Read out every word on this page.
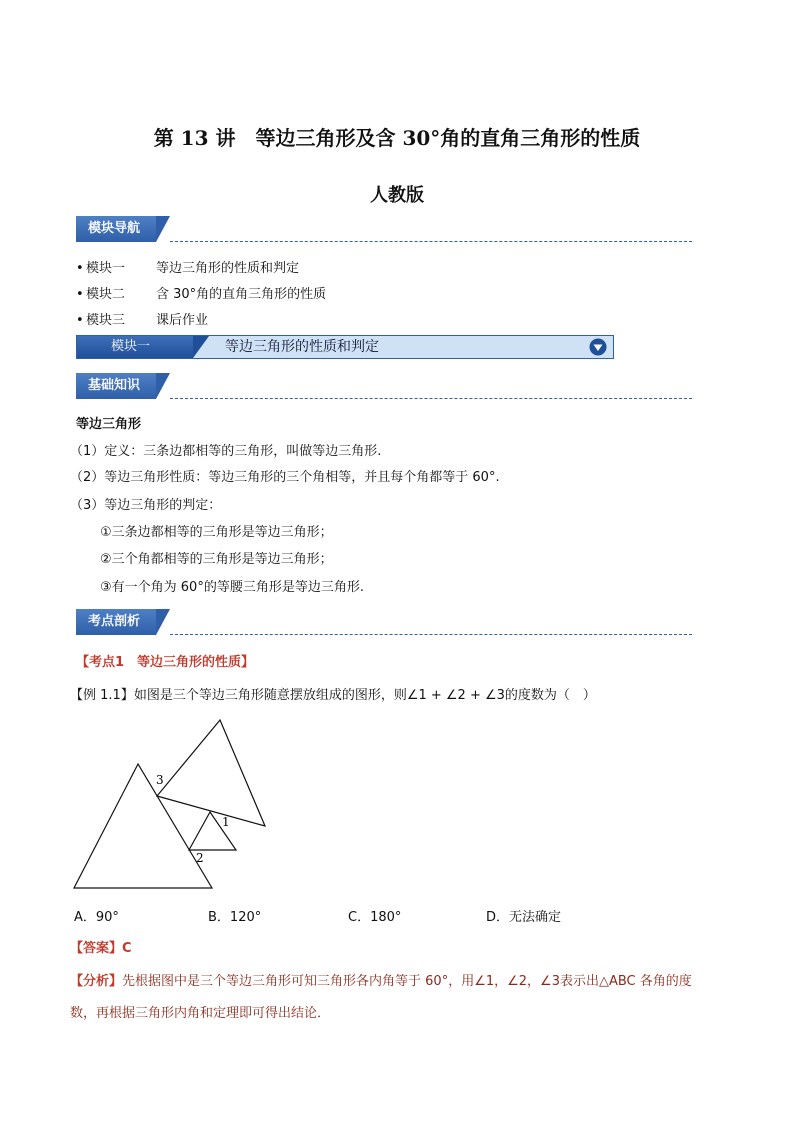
第 13 讲　等边三角形及含 30°角的直角三角形的性质
人教版
模块导航
• 模块一 等边三角形的性质和判定
• 模块二 含 30°角的直角三角形的性质
• 模块三 课后作业
模块一	等边三角形的性质和判定
基础知识
等边三角形
（1）定义：三条边都相等的三角形，叫做等边三角形.
（2）等边三角形性质：等边三角形的三个角相等，并且每个角都等于 60°.
（3）等边三角形的判定：
①三条边都相等的三角形是等边三角形；
②三个角都相等的三角形是等边三角形；
③有一个角为 60°的等腰三角形是等边三角形.
考点剖析
【考点1　等边三角形的性质】
【例 1.1】如图是三个等边三角形随意摆放组成的图形，则∠1 + ∠2 + ∠3的度数为（　）
3
1
2
A．90°	B．120°	C．180°	D．无法确定
【答案】C
【分析】先根据图中是三个等边三角形可知三角形各内角等于 60°，用∠1，∠2，∠3表示出△ABC 各角的度
数，再根据三角形内角和定理即可得出结论．
